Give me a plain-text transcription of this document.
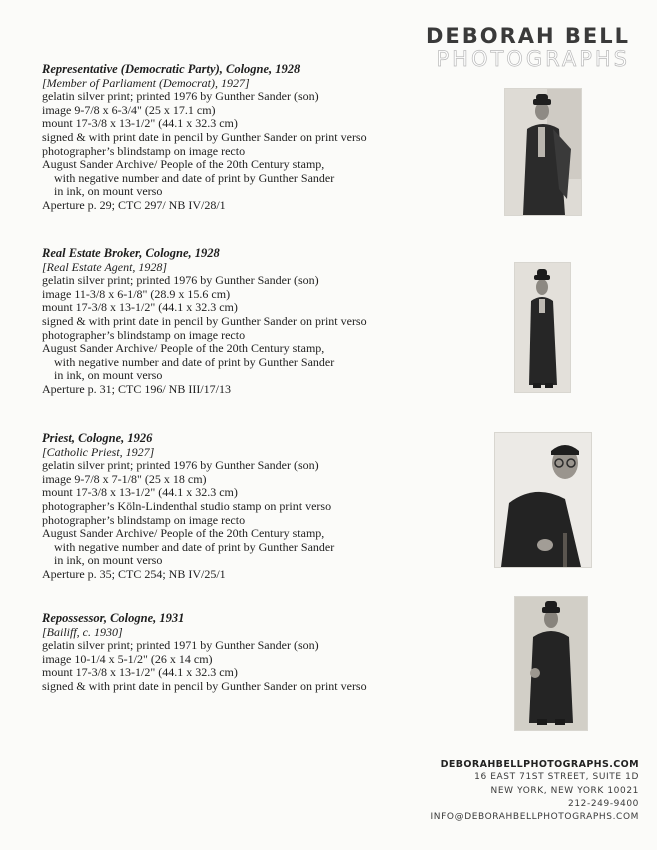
DEBORAH BELL
PHOTOGRAPHS
Representative (Democratic Party), Cologne, 1928
[Member of Parliament (Democrat), 1927]
gelatin silver print; printed 1976 by Gunther Sander (son)
image 9-7/8 x 6-3/4" (25 x 17.1 cm)
mount 17-3/8 x 13-1/2" (44.1 x 32.3 cm)
signed & with print date in pencil by Gunther Sander on print verso
photographer’s blindstamp on image recto
August Sander Archive/ People of the 20th Century stamp,
with negative number and date of print by Gunther Sander
in ink, on mount verso
Aperture p. 29; CTC 297/ NB IV/28/1
Real Estate Broker, Cologne, 1928
[Real Estate Agent, 1928]
gelatin silver print; printed 1976 by Gunther Sander (son)
image 11-3/8 x 6-1/8" (28.9 x 15.6 cm)
mount 17-3/8 x 13-1/2" (44.1 x 32.3 cm)
signed & with print date in pencil by Gunther Sander on print verso
photographer’s blindstamp on image recto
August Sander Archive/ People of the 20th Century stamp,
with negative number and date of print by Gunther Sander
in ink, on mount verso
Aperture p. 31; CTC 196/ NB III/17/13
Priest, Cologne, 1926
[Catholic Priest, 1927]
gelatin silver print; printed 1976 by Gunther Sander (son)
image 9-7/8 x 7-1/8" (25 x 18 cm)
mount 17-3/8 x 13-1/2" (44.1 x 32.3 cm)
photographer’s Köln-Lindenthal studio stamp on print verso
photographer’s blindstamp on image recto
August Sander Archive/ People of the 20th Century stamp,
with negative number and date of print by Gunther Sander
in ink, on mount verso
Aperture p. 35; CTC 254; NB IV/25/1
Repossessor, Cologne, 1931
[Bailiff, c. 1930]
gelatin silver print; printed 1971 by Gunther Sander (son)
image 10-1/4 x 5-1/2" (26 x 14 cm)
mount 17-3/8 x 13-1/2" (44.1 x 32.3 cm)
signed & with print date in pencil by Gunther Sander on print verso
DEBORAHBELLPHOTOGRAPHS.COM
16 EAST 71ST STREET, SUITE 1D
NEW YORK, NEW YORK 10021
212-249-9400
INFO@DEBORAHBELLPHOTOGRAPHS.COM
